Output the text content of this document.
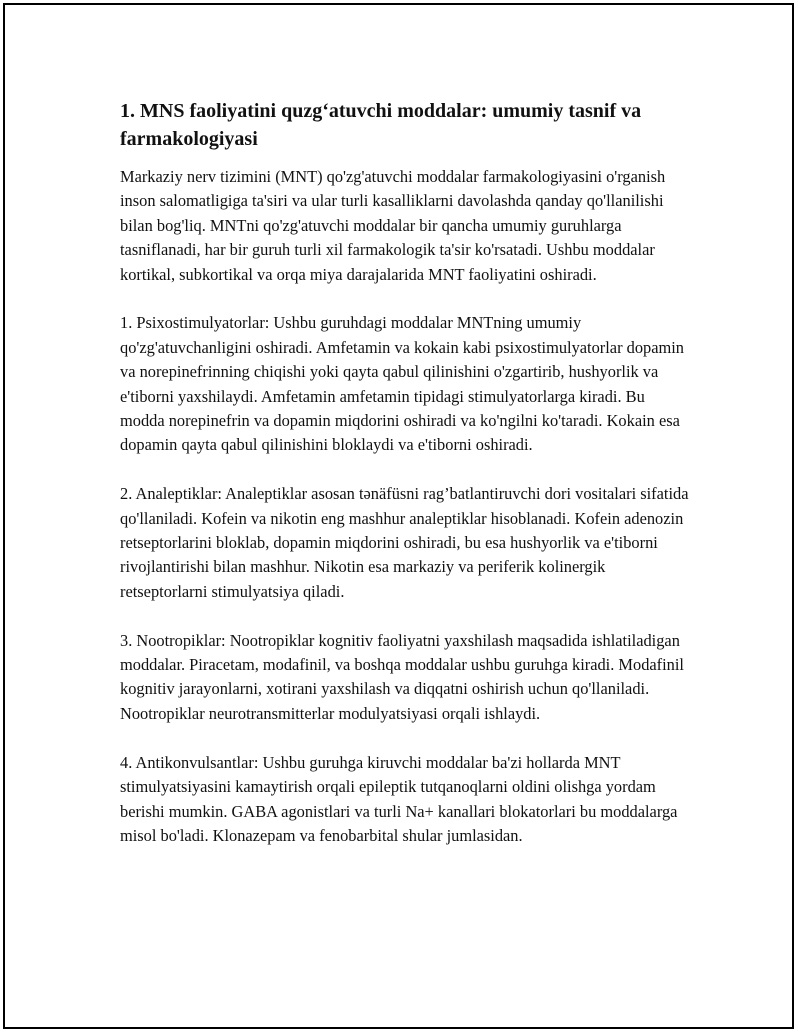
1. MNS faoliyatini quzg‘atuvchi moddalar: umumiy tasnif va farmakologiyasi

Markaziy nerv tizimini (MNT) qo'zg'atuvchi moddalar farmakologiyasini o'rganish inson salomatligiga ta'siri va ular turli kasalliklarni davolashda qanday qo'llanilishi bilan bog'liq. MNTni qo'zg'atuvchi moddalar bir qancha umumiy guruhlarga tasniflanadi, har bir guruh turli xil farmakologik ta'sir ko'rsatadi. Ushbu moddalar kortikal, subkortikal va orqa miya darajalarida MNT faoliyatini oshiradi.

1. Psixostimulyatorlar: Ushbu guruhdagi moddalar MNTning umumiy qo'zg'atuvchanligini oshiradi. Amfetamin va kokain kabi psixostimulyatorlar dopamin va norepinefrinning chiqishi yoki qayta qabul qilinishini o'zgartirib, hushyorlik va e'tiborni yaxshilaydi. Amfetamin amfetamin tipidagi stimulyatorlarga kiradi. Bu modda norepinefrin va dopamin miqdorini oshiradi va ko'ngilni ko'taradi. Kokain esa dopamin qayta qabul qilinishini bloklaydi va e'tiborni oshiradi.

2. Analeptiklar: Analeptiklar asosan tənäfüsni rag’batlantiruvchi dori vositalari sifatida qo'llaniladi. Kofein va nikotin eng mashhur analeptiklar hisoblanadi. Kofein adenozin retseptorlarini bloklab, dopamin miqdorini oshiradi, bu esa hushyorlik va e'tiborni rivojlantirishi bilan mashhur. Nikotin esa markaziy va periferik kolinergik retseptorlarni stimulyatsiya qiladi.

3. Nootropiklar: Nootropiklar kognitiv faoliyatni yaxshilash maqsadida ishlatiladigan moddalar. Piracetam, modafinil, va boshqa moddalar ushbu guruhga kiradi. Modafinil kognitiv jarayonlarni, xotirani yaxshilash va diqqatni oshirish uchun qo'llaniladi. Nootropiklar neurotransmitterlar modulyatsiyasi orqali ishlaydi.

4. Antikonvulsantlar: Ushbu guruhga kiruvchi moddalar ba'zi hollarda MNT stimulyatsiyasini kamaytirish orqali epileptik tutqanoqlarni oldini olishga yordam berishi mumkin. GABA agonistlari va turli Na+ kanallari blokatorlari bu moddalarga misol bo'ladi. Klonazepam va fenobarbital shular jumlasidan.
